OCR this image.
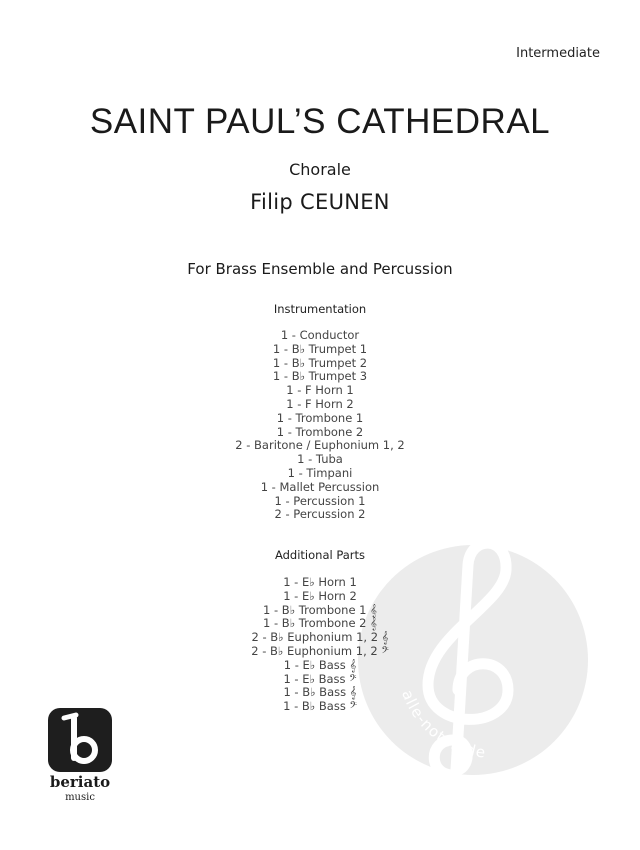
Intermediate
SAINT PAUL’S CATHEDRAL
Chorale
Filip CEUNEN
For Brass Ensemble and Percussion
Instrumentation
1 - Conductor
1 - B♭ Trumpet 1
1 - B♭ Trumpet 2
1 - B♭ Trumpet 3
1 - F Horn 1
1 - F Horn 2
1 - Trombone 1
1 - Trombone 2
2 - Baritone / Euphonium 1, 2
1 - Tuba
1 - Timpani
1 - Mallet Percussion
1 - Percussion 1
2 - Percussion 2
alle-noten.de
Additional Parts
1 - E♭ Horn 1
1 - E♭ Horn 2
1 - B♭ Trombone 1 𝄞
1 - B♭ Trombone 2 𝄞
2 - B♭ Euphonium 1, 2 𝄞
2 - B♭ Euphonium 1, 2 𝄢
1 - E♭ Bass 𝄞
1 - E♭ Bass 𝄢
1 - B♭ Bass 𝄞
1 - B♭ Bass 𝄢
beriato
music
